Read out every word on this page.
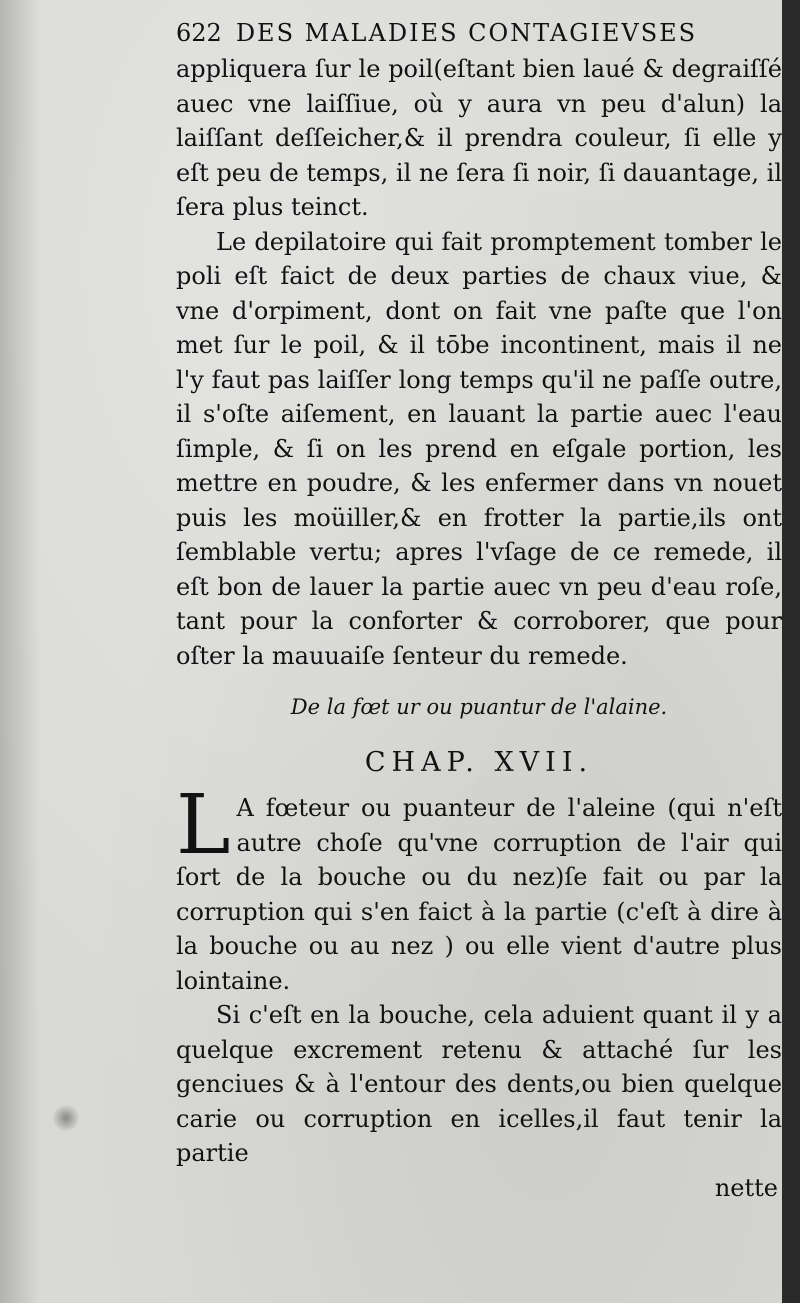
622 DES MALADIES CONTAGIEVSES

appliquera ſur le poil(eſtant bien laué & degraiſſé auec vne laiſſiue, où y aura vn peu d'alun) la laiſſant deſſeicher,& il prendra couleur, ſi elle y eſt peu de temps, il ne ſera ſi noir, ſi dauantage, il ſera plus teinct.

Le depilatoire qui fait promptement tomber le poli eſt faict de deux parties de chaux viue, & vne d'orpiment, dont on fait vne paſte que l'on met ſur le poil, & il tōbe incontinent, mais il ne l'y faut pas laiſſer long temps qu'il ne paſſe outre, il s'oſte aiſement, en lauant la partie auec l'eau ſimple, & ſi on les prend en eſgale portion, les mettre en poudre, & les enfermer dans vn nouet puis les moüiller,& en frotter la partie,ils ont ſemblable vertu; apres l'vſage de ce remede, il eſt bon de lauer la partie auec vn peu d'eau roſe, tant pour la conforter & corroborer, que pour oſter la mauuaiſe ſenteur du remede.

De la fœt ur ou puantur de l'alaine.
CHAP. XVII.

L A fœteur ou puanteur de l'aleine (qui n'eſt autre choſe qu'vne corruption de l'air qui ſort de la bouche ou du nez)ſe fait ou par la corruption qui s'en faict à la partie (c'eſt à dire à la bouche ou au nez ) ou elle vient d'autre plus lointaine.

Si c'eſt en la bouche, cela aduient quant il y a quelque excrement retenu & attaché ſur les genciues & à l'entour des dents,ou bien quelque carie ou corruption en icelles,il faut tenir la partie

nette
